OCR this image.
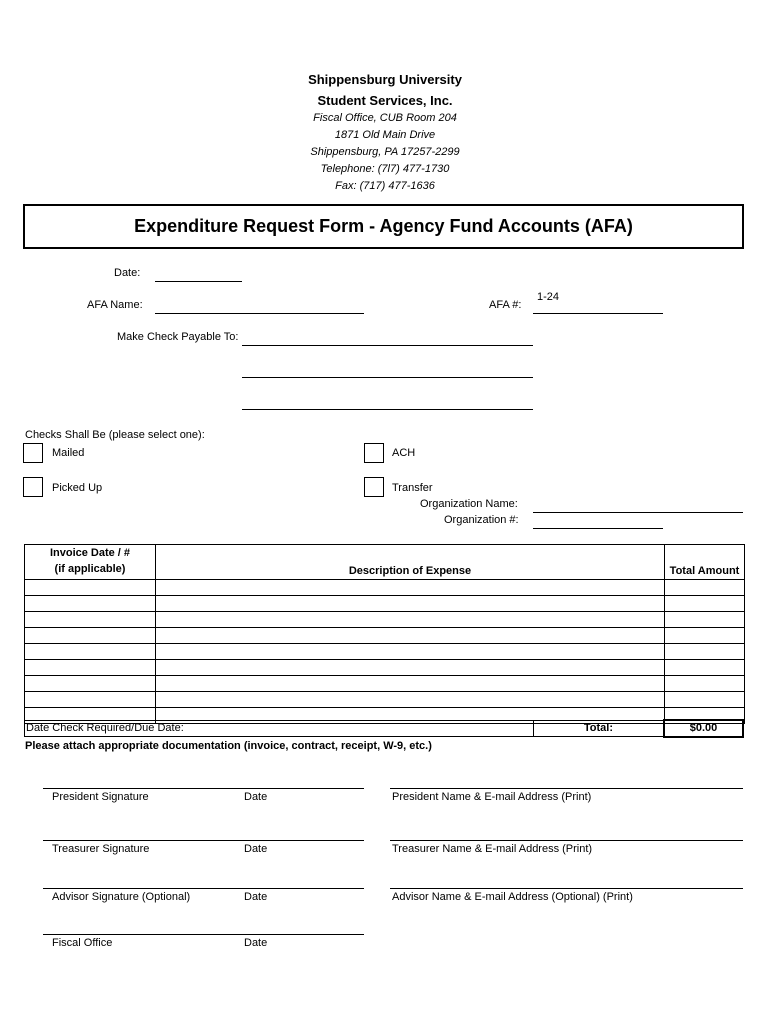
Shippensburg University
Student Services, Inc.
Fiscal Office, CUB Room 204
1871 Old Main Drive
Shippensburg, PA 17257-2299
Telephone: (7l7) 477-1730
Fax: (717) 477-1636
Expenditure Request Form - Agency Fund Accounts (AFA)
Date:
AFA Name:	AFA #:
1-24
Make Check Payable To:
Checks Shall Be (please select one):
Mailed	ACH
Picked Up	Transfer
Organization Name:
Organization #:
Invoice Date / #
(if applicable)	Description of Expense	Total Amount

Date Check Required/Due Date:	Total:	$0.00
Please attach appropriate documentation (invoice, contract, receipt, W-9, etc.)
President Signature	Date	President Name & E-mail Address (Print)
Treasurer Signature	Date	Treasurer Name & E-mail Address (Print)
Advisor Signature (Optional)	Date	Advisor Name & E-mail Address (Optional) (Print)
Fiscal Office	Date
